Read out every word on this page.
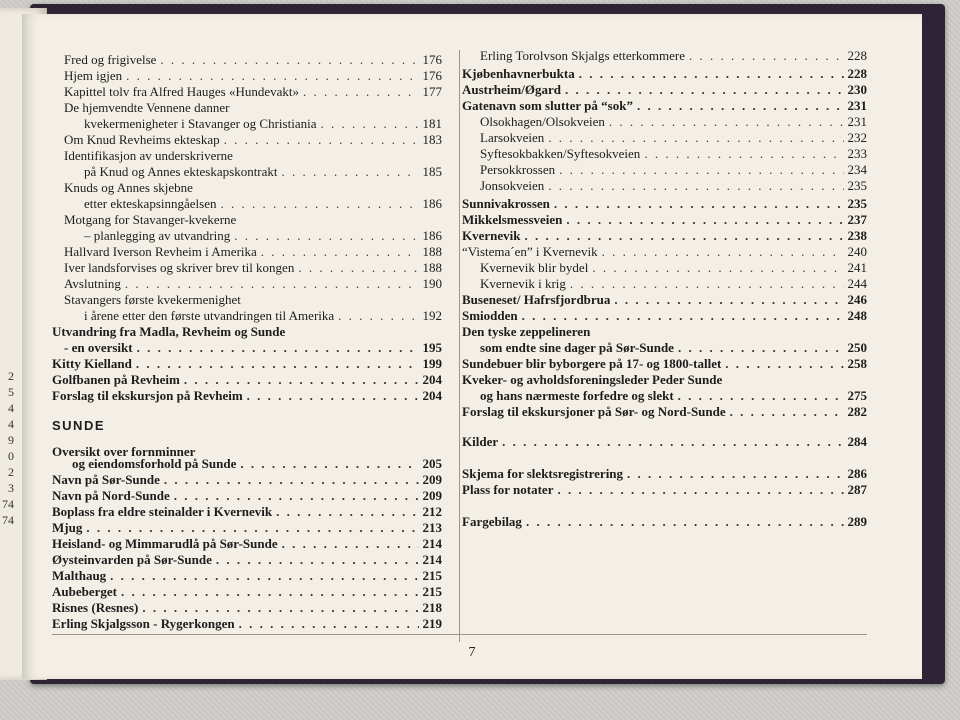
2
5
4
4
9
0
2
3
74
74
SUNDE
Fred og frigivelse . . .	176
Hjem igjen . . .	176
Kapittel tolv fra Alfred Hauges «Hundevakt» . . .	177
De hjemvendte Vennene danner
kvekermenigheter i Stavanger og Christiania . . .	181
Om Knud Revheims ekteskap . . .	183
Identifikasjon av underskriverne
på Knud og Annes ekteskapskontrakt . . .	185
Knuds og Annes skjebne
etter ekteskapsinngåelsen . . .	186
Motgang for Stavanger-kvekerne
– planlegging av utvandring . . .	186
Hallvard Iverson Revheim i Amerika . . .	188
Iver landsforvises og skriver brev til kongen . . .	188
Avslutning . . .	190
Stavangers første kvekermenighet
i årene etter den første utvandringen til Amerika . . .	192
Utvandring fra Madla, Revheim og Sunde
- en oversikt . . .	195
Kitty Kielland . . .	199
Golfbanen på Revheim . . .	204
Forslag til ekskursjon på Revheim . . .	204
Oversikt over fornminner
og eiendomsforhold på Sunde . . .	205
Navn på Sør-Sunde . . .	209
Navn på Nord-Sunde . . .	209
Boplass fra eldre steinalder i Kvernevik . . .	212
Mjug . . .	213
Heisland- og Mimmarudlå på Sør-Sunde . . .	214
Øysteinvarden på Sør-Sunde . . .	214
Malthaug . . .	215
Aubeberget . . .	215
Risnes (Resnes) . . .	218
Erling Skjalgsson - Rygerkongen . . .	219
Erling Torolvson Skjalgs etterkommere . . .	228
Kjøbenhavnerbukta . . .	228
Austrheim/Øgard . . .	230
Gatenavn som slutter på “sok” . . .	231
Olsokhagen/Olsokveien . . .	231
Larsokveien . . .	232
Syftesokbakken/Syftesokveien . . .	233
Persokkrossen . . .	234
Jonsokveien . . .	235
Sunnivakrossen . . .	235
Mikkelsmessveien . . .	237
Kvernevik . . .	238
“Vistema´en” i Kvernevik . . .	240
Kvernevik blir bydel . . .	241
Kvernevik i krig . . .	244
Buseneset/ Hafrsfjordbrua . . .	246
Smiodden . . .	248
Den tyske zeppelineren
som endte sine dager på Sør-Sunde . . .	250
Sundebuer blir byborgere på 17- og 1800-tallet . . .	258
Kveker- og avholdsforeningsleder Peder Sunde
og hans nærmeste forfedre og slekt . . .	275
Forslag til ekskursjoner på Sør- og Nord-Sunde . . .	282
Kilder . . .	284
Skjema for slektsregistrering . . .	286
Plass for notater . . .	287
Fargebilag . . .	289
7
